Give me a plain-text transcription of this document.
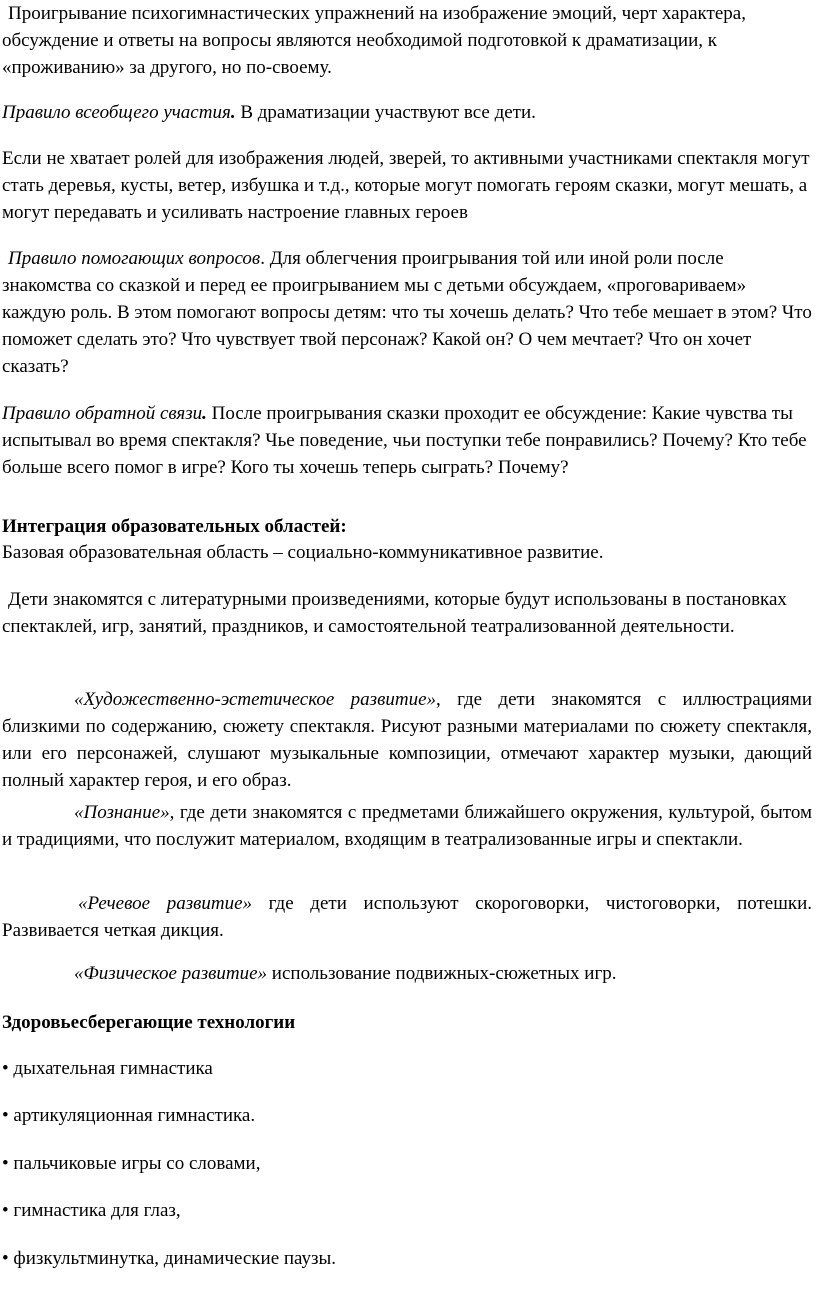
Проигрывание психогимнастических упражнений на изображение эмоций, черт характера, обсуждение и ответы на вопросы являются необходимой подготовкой к драматизации, к «проживанию» за другого, но по-своему.

Правило всеобщего участия. В драматизации участвуют все дети.

Если не хватает ролей для изображения людей, зверей, то активными участниками спектакля могут стать деревья, кусты, ветер, избушка и т.д., которые могут помогать героям сказки, могут мешать, а могут передавать и усиливать настроение главных героев

Правило помогающих вопросов. Для облегчения проигрывания той или иной роли после знакомства со сказкой и перед ее проигрыванием мы с детьми обсуждаем, «проговариваем» каждую роль. В этом помогают вопросы детям: что ты хочешь делать? Что тебе мешает в этом? Что поможет сделать это? Что чувствует твой персонаж? Какой он? О чем мечтает? Что он хочет сказать?

Правило обратной связи. После проигрывания сказки проходит ее обсуждение: Какие чувства ты испытывал во время спектакля? Чье поведение, чьи поступки тебе понравились? Почему? Кто тебе больше всего помог в игре? Кого ты хочешь теперь сыграть? Почему?

Интеграция образовательных областей:

Базовая образовательная область – социально-коммуникативное развитие.

Дети знакомятся с литературными произведениями, которые будут использованы в постановках спектаклей, игр, занятий, праздников, и самостоятельной театрализованной деятельности.

«Художественно-эстетическое развитие», где дети знакомятся с иллюстрациями близкими по содержанию, сюжету спектакля. Рисуют разными материалами по сюжету спектакля, или его персонажей, слушают музыкальные композиции, отмечают характер музыки, дающий полный характер героя, и его образ.

«Познание», где дети знакомятся с предметами ближайшего окружения, культурой, бытом и традициями, что послужит материалом, входящим в театрализованные игры и спектакли.

«Речевое развитие» где дети используют скороговорки, чистоговорки, потешки. Развивается четкая дикция.

«Физическое развитие» использование подвижных-сюжетных игр.

Здоровьесберегающие технологии

• дыхательная гимнастика

• артикуляционная гимнастика.

• пальчиковые игры со словами,

• гимнастика для глаз,

• физкультминутка, динамические паузы.
